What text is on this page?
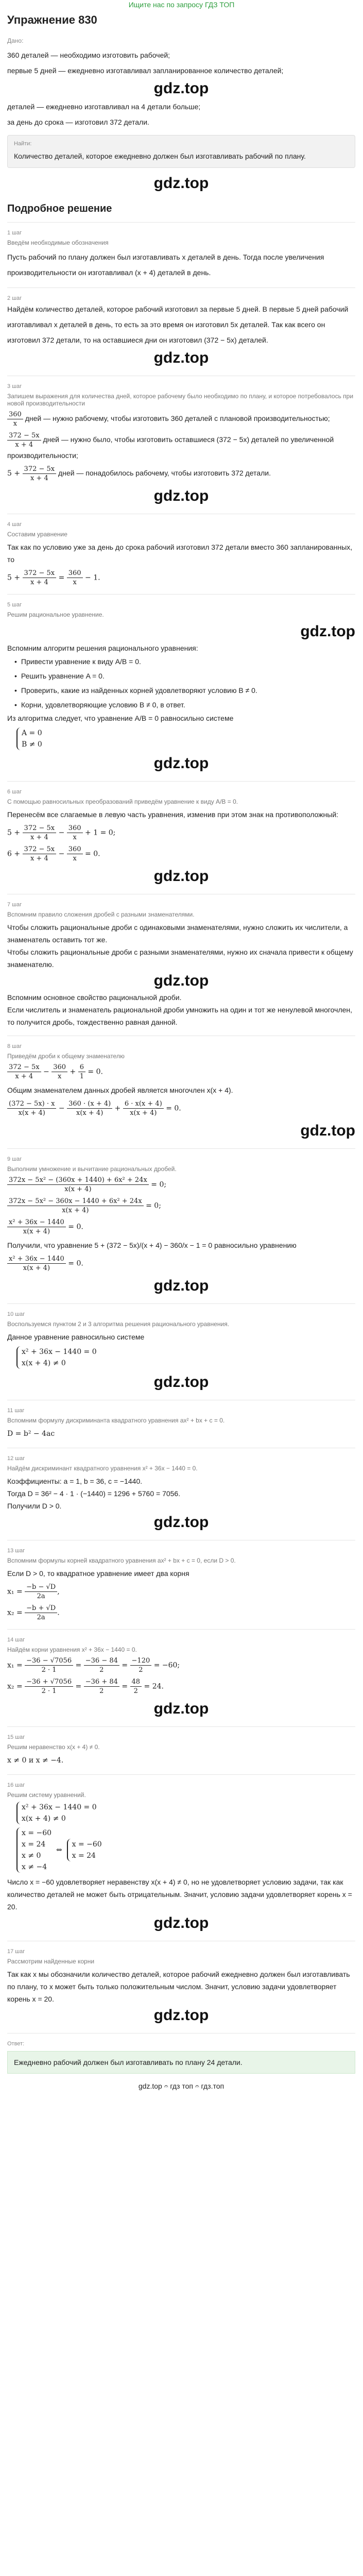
Ищите нас по запросу ГДЗ ТОП
Упражнение 830
Дано:

360 деталей — необходимо изготовить рабочей;

первые 5 дней — ежедневно изготавливал запланированное количество деталей;

gdz.top

деталей — ежедневно изготавливал на 4 детали больше;

за день до срока — изготовил 372 детали.

Найти:

Количество деталей, которое ежедневно должен был изготавливать рабочий по плану.

gdz.top
Подробное решение
1 шаг
Введём необходимые обозначения

Пусть рабочий по плану должен был изготавливать x деталей в день. Тогда после увеличения производительности он изготавливал (x + 4) деталей в день.

2 шаг

Найдём количество деталей, которое рабочий изготовил за первые 5 дней. В первые 5 дней рабочий изготавливал x деталей в день, то есть за это время он изготовил 5x деталей. Так как всего он изготовил 372 детали, то на оставшиеся дни он изготовил (372 − 5x) деталей.

gdz.top
3 шаг
Запишем выражения для количества дней, которое рабочему было необходимо по плану, и которое потребовалось при новой производительности
$\frac{360}{x}$ дней — нужно рабочему, чтобы изготовить 360 деталей с плановой производительностью;
$\frac{372 - 5x}{x + 4}$ дней — нужно было, чтобы изготовить оставшиеся (372 − 5x) деталей по увеличенной производительности;
$5 + \frac{372 - 5x}{x + 4}$ дней — понадобилось рабочему, чтобы изготовить 372 детали.
gdz.top
4 шаг
Составим уравнение

Так как по условию уже за день до срока рабочий изготовил 372 детали вместо 360 запланированных, то

$5 + \frac{372 - 5x}{x + 4} = \frac{360}{x} - 1$.
5 шаг
Решим рациональное уравнение.
gdz.top

Вспомним алгоритм решения рационального уравнения:

• Привести уравнение к виду A/B = 0.
• Решить уравнение A = 0.
• Проверить, какие из найденных корней удовлетворяют условию B ≠ 0.
• Корни, удовлетворяющие условию B ≠ 0, в ответ.

Из алгоритма следует, что уравнение A/B = 0 равносильно системе

A = 0
B ≠ 0
gdz.top
6 шаг
С помощью равносильных преобразований приведём уравнение к виду A/B = 0.

Перенесём все слагаемые в левую часть уравнения, изменив при этом знак на противоположный:

$5 + \frac{372 - 5x}{x + 4} - \frac{360}{x} + 1 = 0$;
$6 + \frac{372 - 5x}{x + 4} - \frac{360}{x} = 0$.
gdz.top
7 шаг
Вспомним правило сложения дробей с разными знаменателями.

Чтобы сложить рациональные дроби с одинаковыми знаменателями, нужно сложить их числители, а знаменатель оставить тот же.

Чтобы сложить рациональные дроби с разными знаменателями, нужно их сначала привести к общему знаменателю.

gdz.top

Вспомним основное свойство рациональной дроби.

Если числитель и знаменатель рациональной дроби умножить на один и тот же ненулевой многочлен, то получится дробь, тождественно равная данной.

8 шаг
Приведём дроби к общему знаменателю
$\frac{372 - 5x}{x + 4} - \frac{360}{x} + \frac{6}{1} = 0$.

Общим знаменателем данных дробей является многочлен x(x + 4).

$\frac{(372 - 5x) \cdot x}{x(x + 4)} - \frac{360 \cdot (x + 4)}{x(x + 4)} + \frac{6 \cdot x(x + 4)}{x(x + 4)} = 0$.
gdz.top
9 шаг
Выполним умножение и вычитание рациональных дробей.
$\frac{\text{372x − 5x² − (360x + 1440) + 6x² + 24x}}{x(x + 4)} = 0$;
$\frac{\text{372x − 5x² − 360x − 1440 + 6x² + 24x}}{x(x + 4)} = 0$;
$\frac{\text{x² + 36x − 1440}}{x(x + 4)} = 0$.

Получили, что уравнение 5 + (372 − 5x)/(x + 4) − 360/x − 1 = 0 равносильно уравнению

$\frac{\text{x² + 36x − 1440}}{x(x + 4)} = 0$.
gdz.top
10 шаг
Воспользуемся пунктом 2 и 3 алгоритма решения рационального уравнения.

Данное уравнение равносильно системе

x² + 36x − 1440 = 0
x(x + 4) ≠ 0
gdz.top
11 шаг
Вспомним формулу дискриминанта квадратного уравнения ax² + bx + c = 0.
D = b² − 4ac
12 шаг
Найдём дискриминант квадратного уравнения x² + 36x − 1440 = 0.

Коэффициенты: a = 1, b = 36, c = −1440.

Тогда D = 36² − 4 · 1 · (−1440) = 1296 + 5760 = 7056.

Получили D > 0.

gdz.top
13 шаг
Вспомним формулы корней квадратного уравнения ax² + bx + c = 0, если D > 0.

Если D > 0, то квадратное уравнение имеет два корня

$x_1 = \frac{-b - √D}{2a}$ ,
$x_2 = \frac{-b + √D}{2a}$ .
14 шаг
Найдём корни уравнения x² + 36x − 1440 = 0.
$x_1 = \frac{-36 - √7056}{2 \cdot 1} = \frac{-36 - 84}{2} = \frac{-120}{2} = -60$;
$x_2 = \frac{-36 + √7056}{2 \cdot 1} = \frac{-36 + 84}{2} = \frac{48}{2} = 24$.
gdz.top
15 шаг
Решим неравенство x(x + 4) ≠ 0.

x ≠ 0 и x ≠ −4.

16 шаг
Решим систему уравнений.
x² + 36x − 1440 = 0
x(x + 4) ≠ 0
x = −60
x = 24
x ≠ 0
x ≠ −4  ⇔  x = −60
x = 24

Число x = −60 удовлетворяет неравенству x(x + 4) ≠ 0, но не удовлетворяет условию задачи, так как количество деталей не может быть отрицательным. Значит, условию задачи удовлетворяет корень x = 20.

gdz.top
17 шаг
Рассмотрим найденные корни

Так как x мы обозначили количество деталей, которое рабочий ежедневно должен был изготавливать по плану, то x может быть только положительным числом. Значит, условию задачи удовлетворяет корень x = 20.

gdz.top
Ответ:
Ежедневно рабочий должен был изготавливать по плану 24 детали.
gdz.top 𝄐 гдз топ 𝄐 гдз.топ
